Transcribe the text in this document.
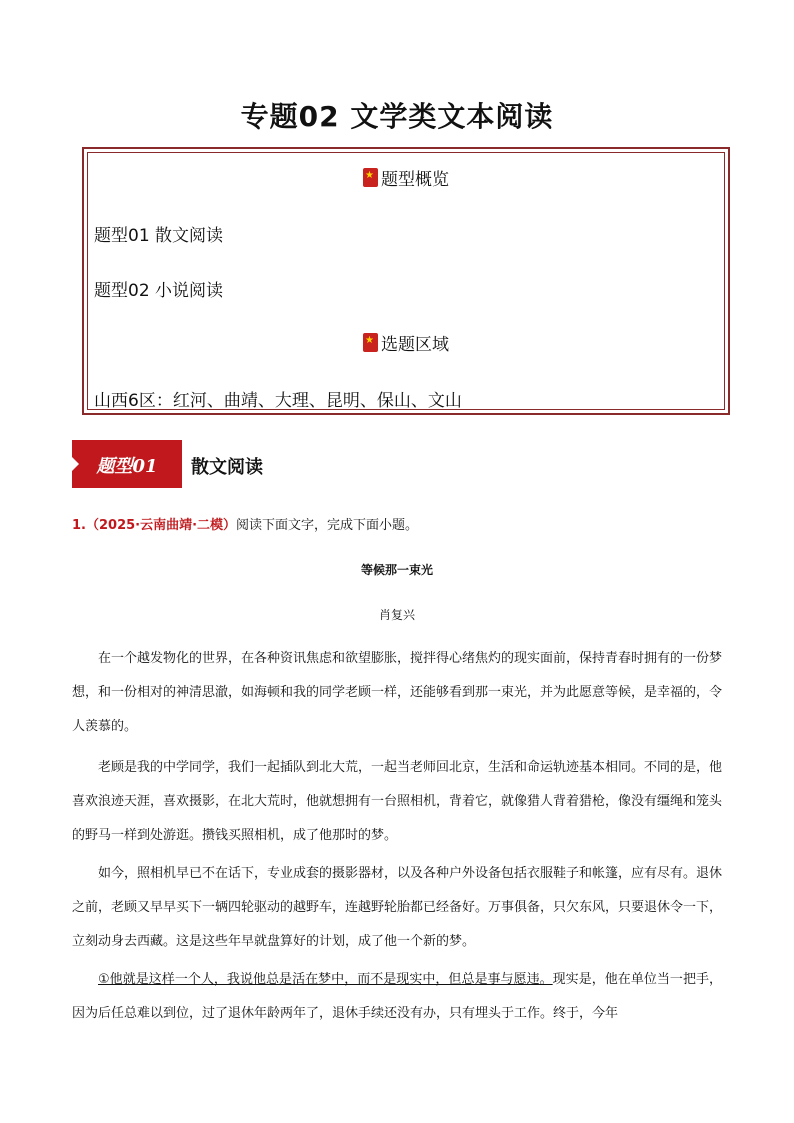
专题02 文学类文本阅读
★题型概览
题型01 散文阅读
题型02 小说阅读
★选题区域
山西6区：红河、曲靖、大理、昆明、保山、文山
题型01	散文阅读
1.（2025·云南曲靖·二模）阅读下面文字，完成下面小题。
等候那一束光
肖复兴
在一个越发物化的世界，在各种资讯焦虑和欲望膨胀，搅拌得心绪焦灼的现实面前，保持青春时拥有的一份梦想，和一份相对的神清思澈，如海顿和我的同学老顾一样，还能够看到那一束光，并为此愿意等候，是幸福的，令人羡慕的。
老顾是我的中学同学，我们一起插队到北大荒，一起当老师回北京，生活和命运轨迹基本相同。不同的是，他喜欢浪迹天涯，喜欢摄影，在北大荒时，他就想拥有一台照相机，背着它，就像猎人背着猎枪，像没有缰绳和笼头的野马一样到处游逛。攒钱买照相机，成了他那时的梦。
如今，照相机早已不在话下，专业成套的摄影器材，以及各种户外设备包括衣服鞋子和帐篷，应有尽有。退休之前，老顾又早早买下一辆四轮驱动的越野车，连越野轮胎都已经备好。万事俱备，只欠东风，只要退休令一下，立刻动身去西藏。这是这些年早就盘算好的计划，成了他一个新的梦。
①他就是这样一个人，我说他总是活在梦中，而不是现实中，但总是事与愿违。现实是，他在单位当一把手，因为后任总难以到位，过了退休年龄两年了，退休手续还没有办，只有埋头于工作。终于，今年
